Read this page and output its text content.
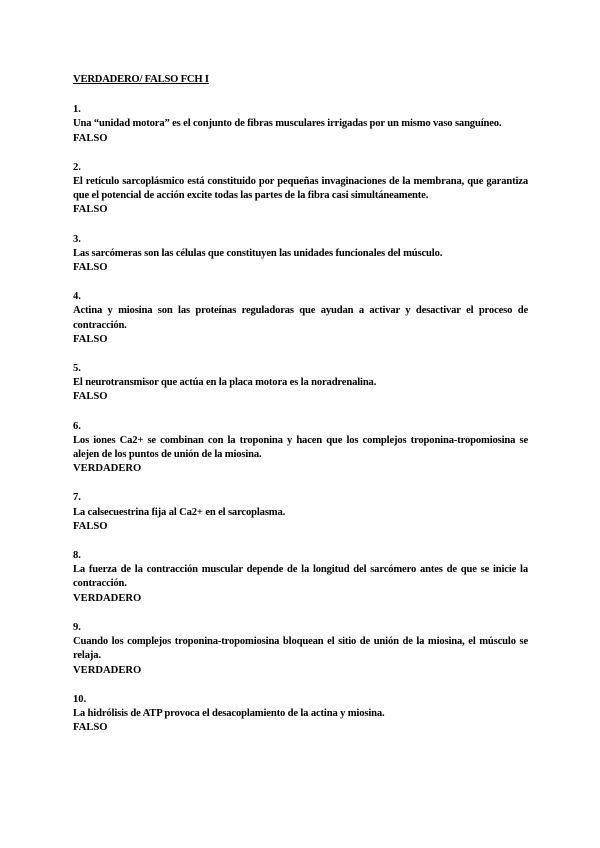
VERDADERO/ FALSO FCH I
1.
Una “unidad motora” es el conjunto de fibras musculares irrigadas por un mismo vaso sanguíneo.
FALSO
2.
El retículo sarcoplásmico está constituido por pequeñas invaginaciones de la membrana, que garantiza que el potencial de acción excite todas las partes de la fibra casi simultáneamente.
FALSO
3.
Las sarcómeras son las células que constituyen las unidades funcionales del músculo.
FALSO
4.
Actina y miosina son las proteínas reguladoras que ayudan a activar y desactivar el proceso de contracción.
FALSO
5.
El neurotransmisor que actúa en la placa motora es la noradrenalina.
FALSO
6.
Los iones Ca2+ se combinan con la troponina y hacen que los complejos troponina-tropomiosina se alejen de los puntos de unión de la miosina.
VERDADERO
7.
La calsecuestrina fija al Ca2+ en el sarcoplasma.
FALSO
8.
La fuerza de la contracción muscular depende de la longitud del sarcómero antes de que se inicie la contracción.
VERDADERO
9.
Cuando los complejos troponina-tropomiosina bloquean el sitio de unión de la miosina, el músculo se relaja.
VERDADERO
10.
La hidrólisis de ATP provoca el desacoplamiento de la actina y miosina.
FALSO
